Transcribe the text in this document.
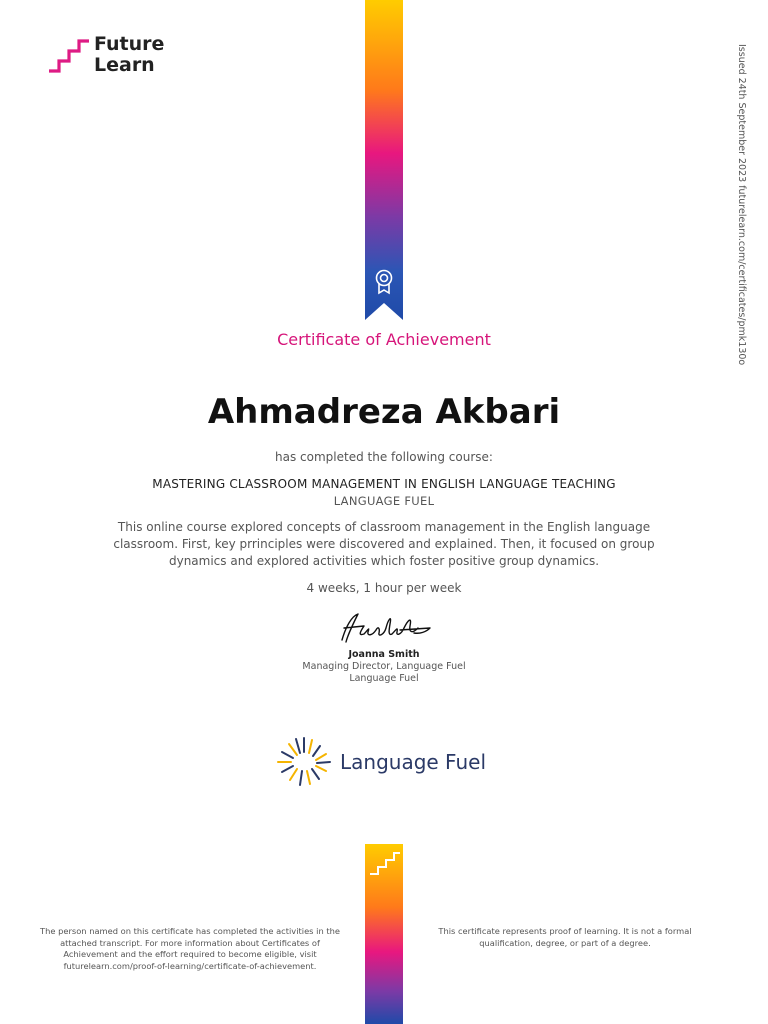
Future
Learn	Issued 24th September 2023 futurelearn.com/certificates/pmk130o
Certificate of Achievement
Ahmadreza Akbari
has completed the following course:
MASTERING CLASSROOM MANAGEMENT IN ENGLISH LANGUAGE TEACHING
LANGUAGE FUEL
This online course explored concepts of classroom management in the English language classroom. First, key prrinciples were discovered and explained. Then, it focused on group dynamics and explored activities which foster positive group dynamics.
4 weeks, 1 hour per week
Joanna Smith
Managing Director, Language Fuel
Language Fuel
Language Fuel
The person named on this certificate has completed the activities in the attached transcript. For more information about Certificates of Achievement and the effort required to become eligible, visit futurelearn.com/proof-of-learning/certificate-of-achievement.
This certificate represents proof of learning. It is not a formal qualification, degree, or part of a degree.
